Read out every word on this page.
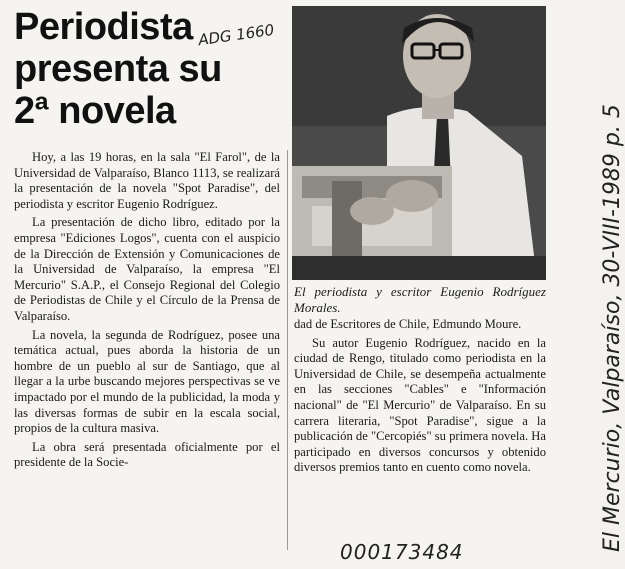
Periodista
presenta su
2ª novela
ADG 1660

El periodista y escritor Eugenio Rodríguez Morales.

Hoy, a las 19 horas, en la sala "El Farol", de la Universidad de Valparaíso, Blanco 1113, se realizará la presentación de la novela "Spot Paradise", del periodista y escritor Eugenio Rodríguez.

La presentación de dicho libro, editado por la empresa "Ediciones Logos", cuenta con el auspicio de la Dirección de Extensión y Comunicaciones de la Universidad de Valparaíso, la empresa "El Mercurio" S.A.P., el Consejo Regional del Colegio de Periodistas de Chile y el Círculo de la Prensa de Valparaíso.

La novela, la segunda de Rodríguez, posee una temática actual, pues aborda la historia de un hombre de un pueblo al sur de Santiago, que al llegar a la urbe buscando mejores perspectivas se ve impactado por el mundo de la publicidad, la moda y las diversas formas de subir en la escala social, propios de la cultura masiva.

La obra será presentada oficialmente por el presidente de la Socie-

dad de Escritores de Chile, Edmundo Moure.

Su autor Eugenio Rodríguez, nacido en la ciudad de Rengo, titulado como periodista en la Universidad de Chile, se desempeña actualmente en las secciones "Cables" e "Información nacional" de "El Mercurio" de Valparaíso. En su carrera literaria, "Spot Paradise", sigue a la publicación de "Cercopiés" su primera novela. Ha participado en diversos concursos y obtenido diversos premios tanto en cuento como novela.	El Mercurio, Valparaíso, 30-VIII-1989 p. 5
000173484
